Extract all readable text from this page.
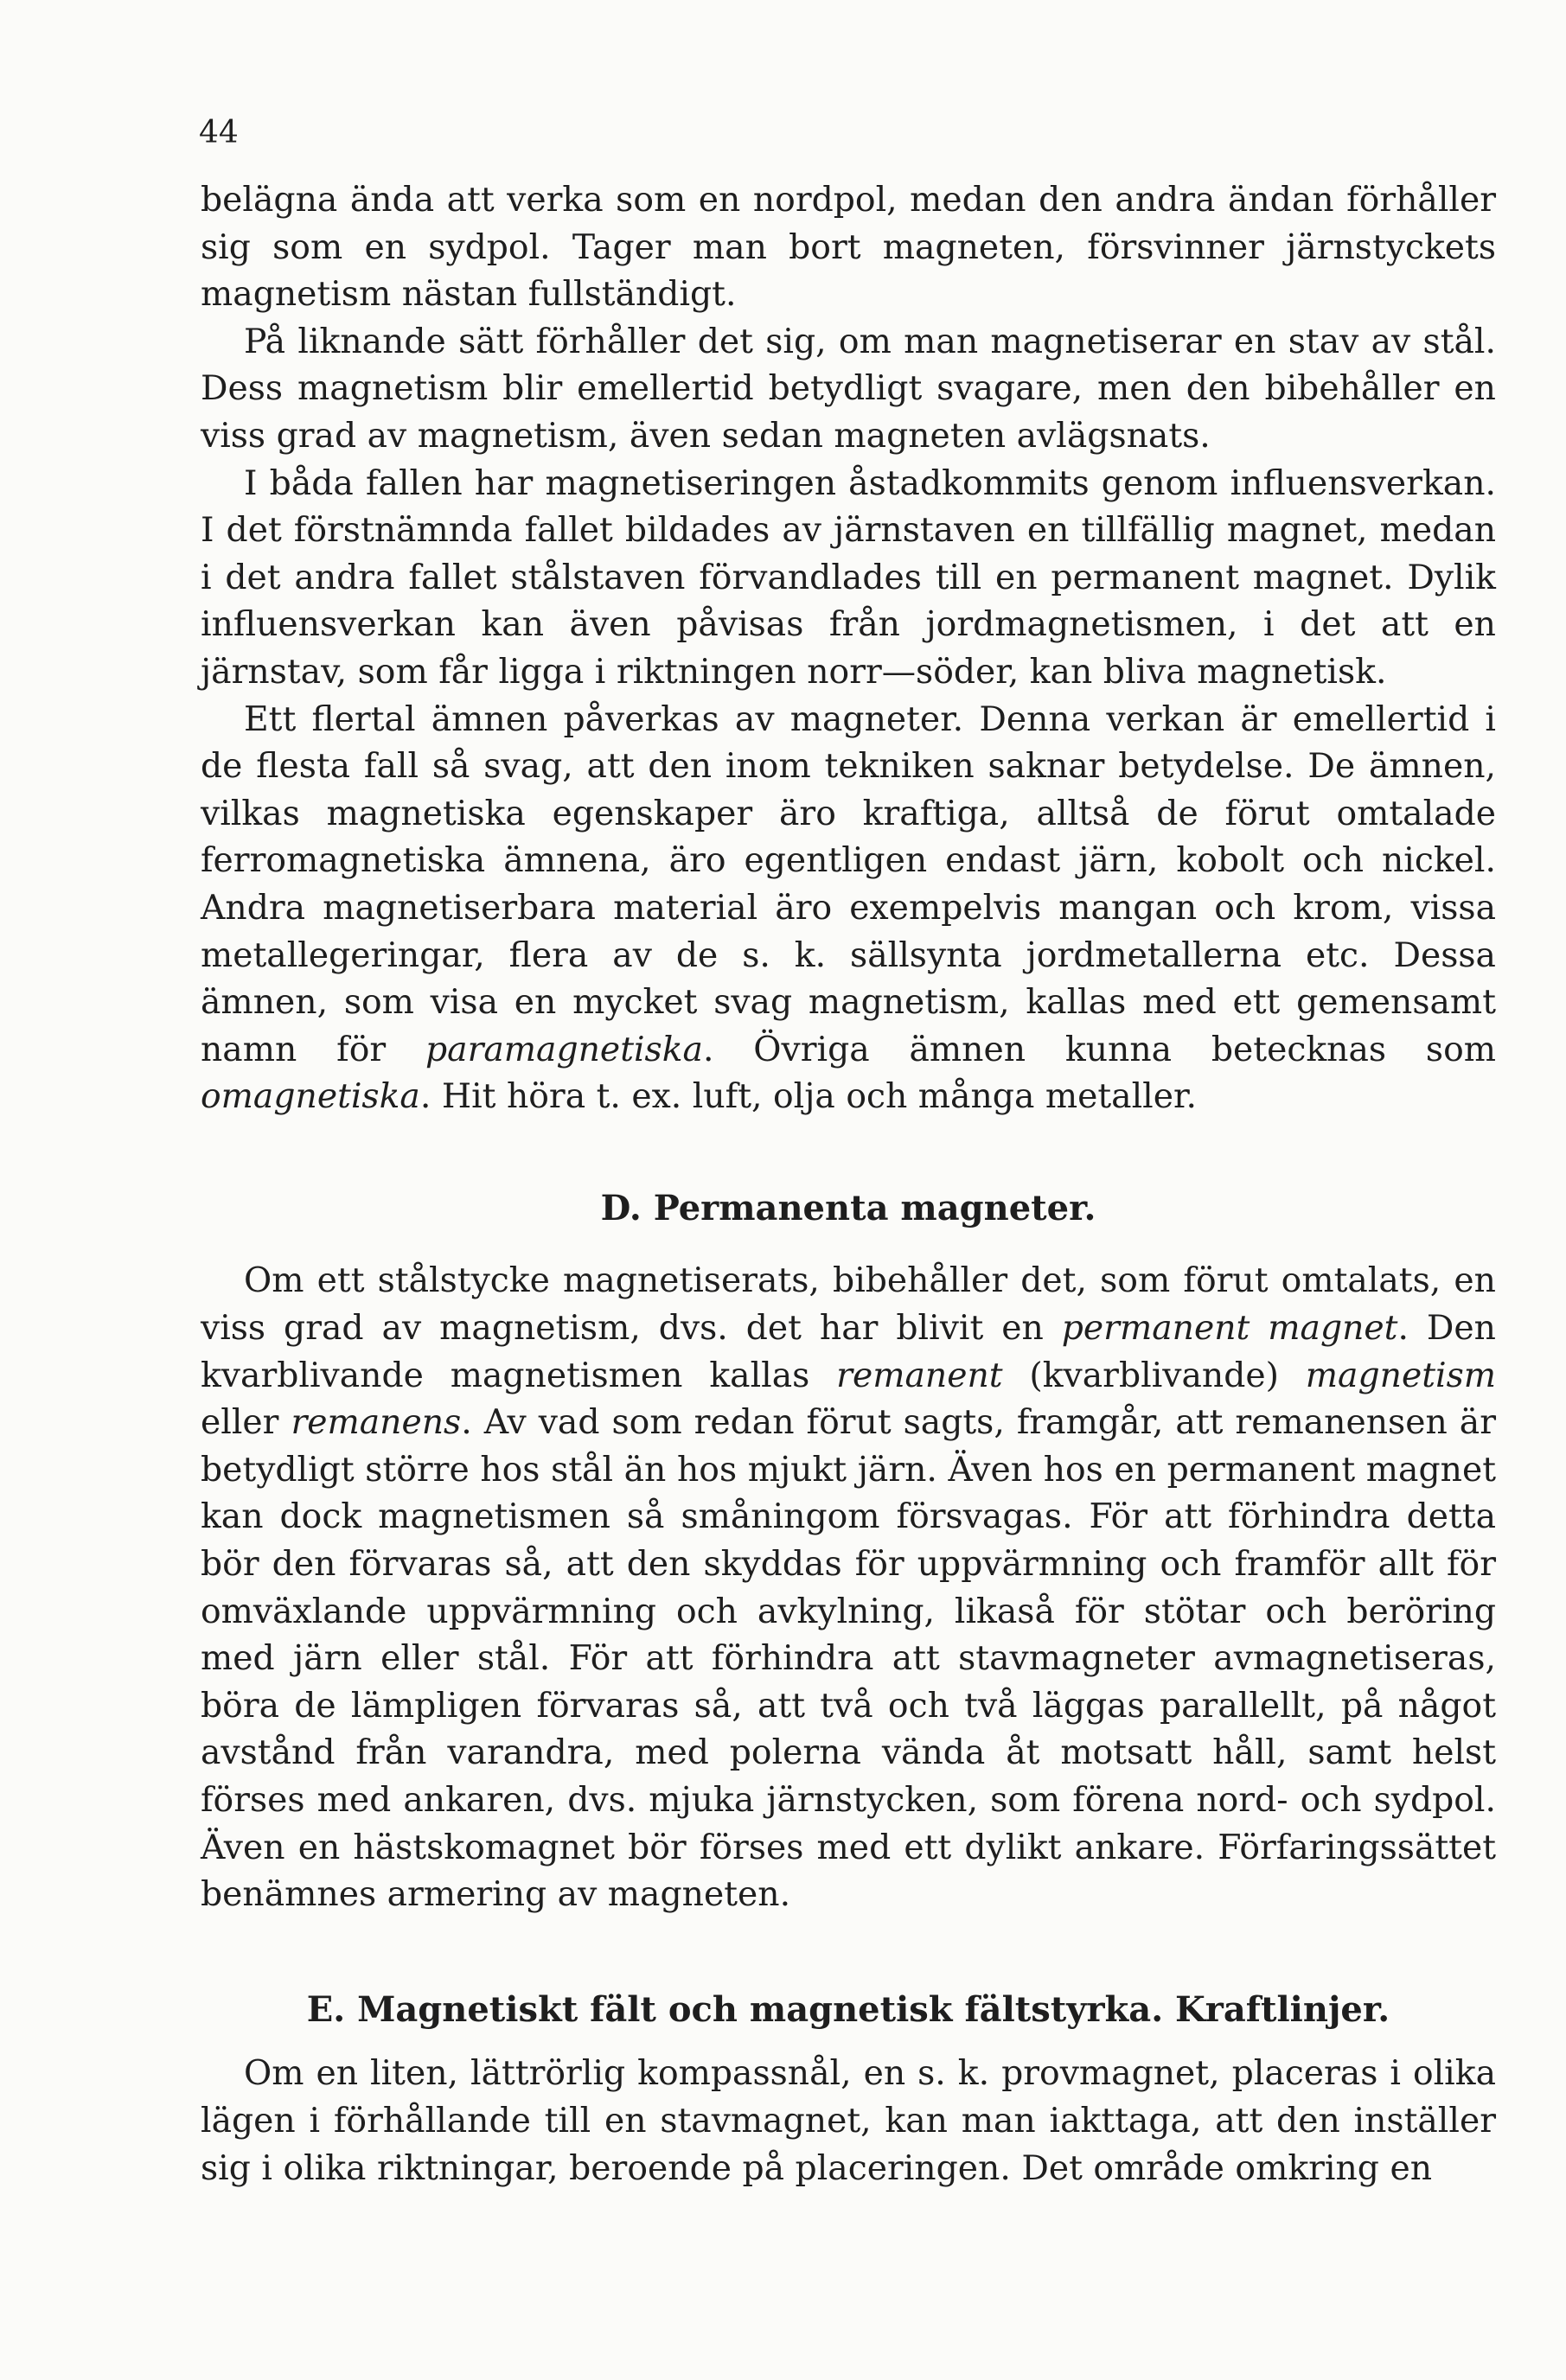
44

belägna ända att verka som en nordpol, medan den andra ändan förhåller sig som en sydpol. Tager man bort magneten, försvinner järnstyckets magnetism nästan fullständigt.

På liknande sätt förhåller det sig, om man magnetiserar en stav av stål. Dess magnetism blir emellertid betydligt svagare, men den bibehåller en viss grad av magnetism, även sedan magneten avlägsnats.

I båda fallen har magnetiseringen åstadkommits genom influensverkan. I det förstnämnda fallet bildades av järnstaven en tillfällig magnet, medan i det andra fallet stålstaven förvandlades till en permanent magnet. Dylik influensverkan kan även påvisas från jordmagnetismen, i det att en järnstav, som får ligga i riktningen norr—söder, kan bliva magnetisk.

Ett flertal ämnen påverkas av magneter. Denna verkan är emellertid i de flesta fall så svag, att den inom tekniken saknar betydelse. De ämnen, vilkas magnetiska egenskaper äro kraftiga, alltså de förut omtalade ferromagnetiska ämnena, äro egentligen endast järn, kobolt och nickel. Andra magnetiserbara material äro exempelvis mangan och krom, vissa metallegeringar, flera av de s. k. sällsynta jordmetallerna etc. Dessa ämnen, som visa en mycket svag magnetism, kallas med ett gemensamt namn för paramagnetiska. Övriga ämnen kunna betecknas som omagnetiska. Hit höra t. ex. luft, olja och många metaller.

D. Permanenta magneter.

Om ett stålstycke magnetiserats, bibehåller det, som förut omtalats, en viss grad av magnetism, dvs. det har blivit en permanent magnet. Den kvarblivande magnetismen kallas remanent (kvarblivande) magnetism eller remanens. Av vad som redan förut sagts, framgår, att remanensen är betydligt större hos stål än hos mjukt järn. Även hos en permanent magnet kan dock magnetismen så småningom försvagas. För att förhindra detta bör den förvaras så, att den skyddas för uppvärmning och framför allt för omväxlande uppvärmning och avkylning, likaså för stötar och beröring med järn eller stål. För att förhindra att stavmagneter avmagnetiseras, böra de lämpligen förvaras så, att två och två läggas parallellt, på något avstånd från varandra, med polerna vända åt motsatt håll, samt helst förses med ankaren, dvs. mjuka järnstycken, som förena nord- och sydpol. Även en hästskomagnet bör förses med ett dylikt ankare. Förfaringssättet benämnes armering av magneten.

E. Magnetiskt fält och magnetisk fältstyrka. Kraftlinjer.

Om en liten, lättrörlig kompassnål, en s. k. provmagnet, placeras i olika lägen i förhållande till en stavmagnet, kan man iakttaga, att den inställer sig i olika riktningar, beroende på placeringen. Det område omkring en
